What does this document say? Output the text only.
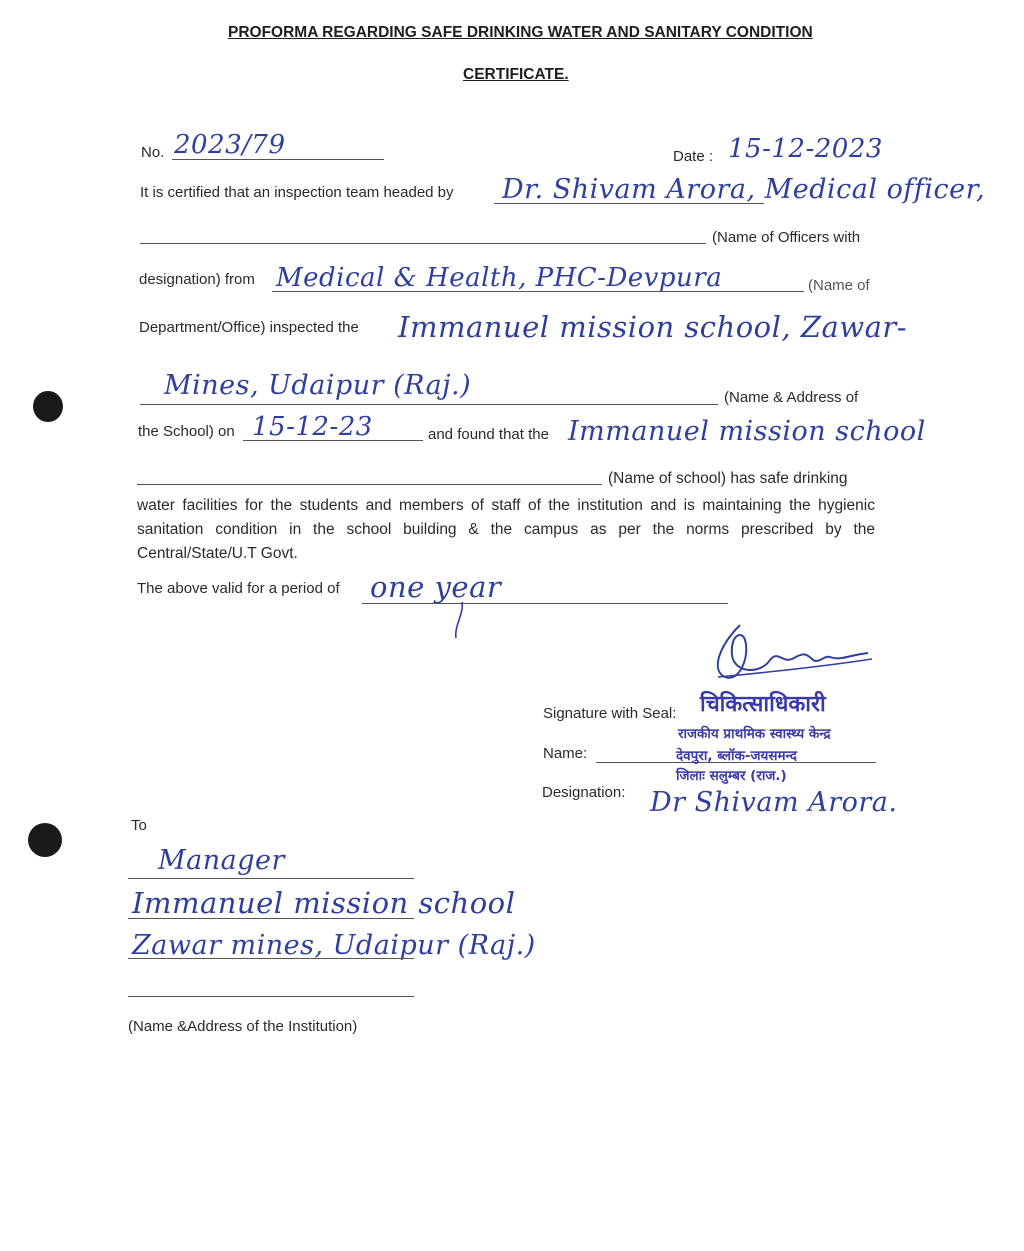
PROFORMA REGARDING SAFE DRINKING WATER AND SANITARY CONDITION
CERTIFICATE.
No. 2023/79	Date : 15-12-2023
It is certified that an inspection team headed by Dr. Shivam Arora, Medical officer,
(Name of Officers with
designation) from Medical & Health, PHC-Devpura	(Name of
Department/Office) inspected the Immanuel mission school, Zawar-
Mines, Udaipur (Raj.)	(Name & Address of
the School) on 15-12-23	and found that the Immanuel mission school
(Name of school) has safe drinking
water facilities for the students and members of staff of the institution and is maintaining the hygienic
sanitation condition in the school building & the campus as per the norms prescribed by the
Central/State/U.T Govt.
The above valid for a period of one year
Signature with Seal: चिकित्साधिकारी
राजकीय प्राथमिक स्वास्थ्य केन्द्र
Name:	देवपुरा, ब्लॉक-जयसमन्द
जिलाः सलुम्बर (राज.)
Designation: Dr Shivam Arora.
To
Manager
Immanuel mission school
Zawar mines, Udaipur (Raj.)
(Name &Address of the Institution)
